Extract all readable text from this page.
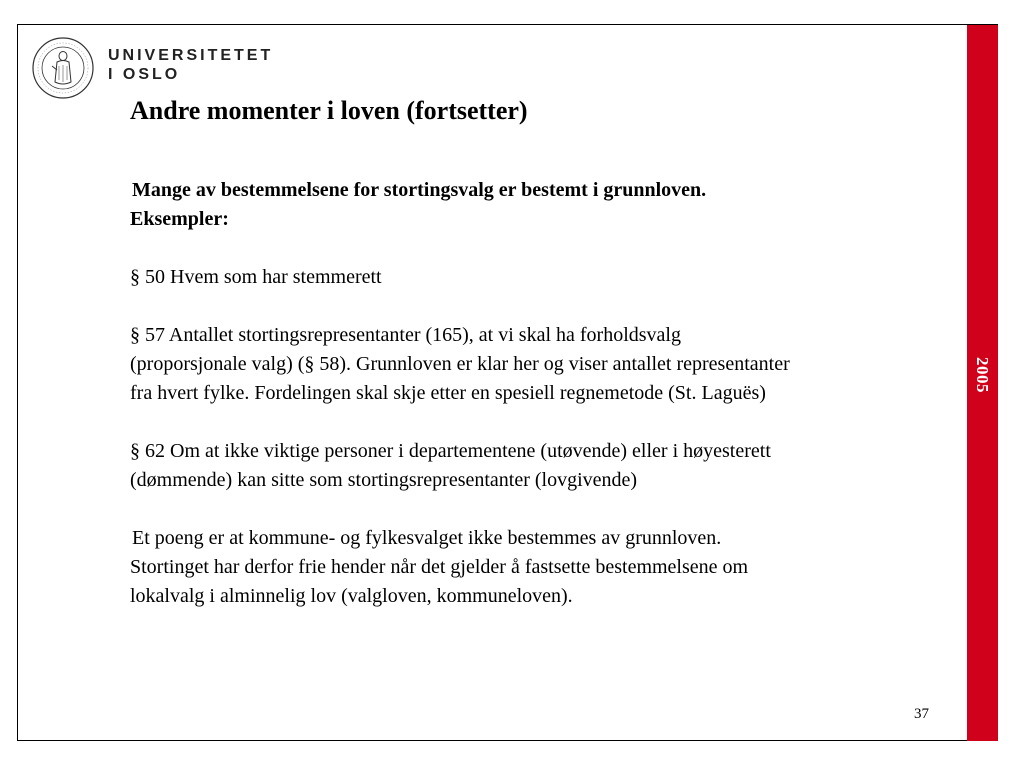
2005
UNIVERSITETET
I OSLO
Andre momenter i loven (fortsetter)
Mange av bestemmelsene for stortingsvalg er bestemt i grunnloven.
Eksempler:
§ 50 Hvem som har stemmerett
§ 57 Antallet stortingsrepresentanter (165), at vi skal ha forholdsvalg
(proporsjonale valg) (§ 58). Grunnloven er klar her og viser antallet representanter
fra hvert fylke. Fordelingen skal skje etter en spesiell regnemetode (St. Laguës)
§ 62 Om at ikke viktige personer i departementene (utøvende) eller i høyesterett
(dømmende) kan sitte som stortingsrepresentanter (lovgivende)
Et poeng er at kommune- og fylkesvalget ikke bestemmes av grunnloven.
Stortinget har derfor frie hender når det gjelder å fastsette bestemmelsene om
lokalvalg i alminnelig lov (valgloven, kommuneloven).
37
